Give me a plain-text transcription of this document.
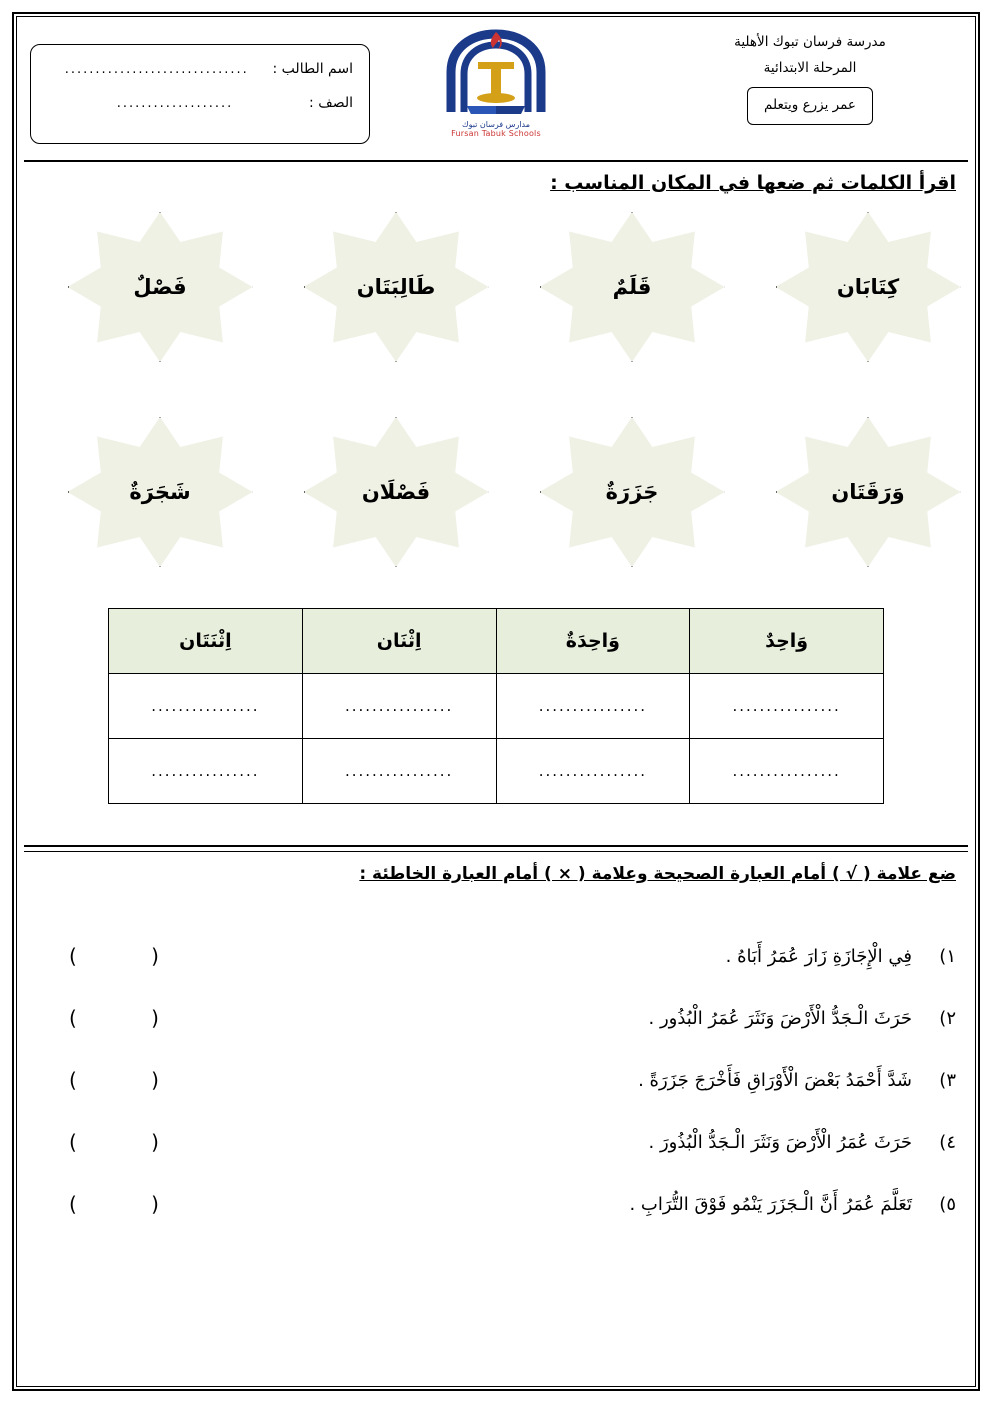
مدرسة فرسان تبوك الأهلية
المرحلة الابتدائية
عمر يزرع ويتعلم
مدارس فرسان تبوك
Fursan Tabuk Schools
اسم الطالب :
..............................
الصف :
...................
اقرأ الكلمات ثم ضعها في المكان المناسب :
كِتَابَان
قَلَمٌ
طَالِبَتَان
فَصْلٌ
وَرَقَتَان
جَزَرَةٌ
فَصْلَان
شَجَرَةٌ
وَاحِدٌ	وَاحِدَةٌ	اِثْنَان	اِثْنَتَان
................	................	................	................
................	................	................	................
ضع علامة ( √ ) أمام العبارة الصحيحة وعلامة ( × ) أمام العبارة الخاطئة :
١)
فِي الْإِجَازَةِ زَارَ عُمَرُ أَبَاهُ .
( )
٢)
حَرَثَ الْـجَدُّ الْأَرْضَ وَنَثَرَ عُمَرُ الْبُذُور .
( )
٣)
شَدَّ أَحْمَدُ بَعْضَ الْأَوْرَاقِ فَأَخْرَجَ جَزَرَةً .
( )
٤)
حَرَثَ عُمَرُ الْأَرْضَ وَنَثَرَ الْـجَدُّ الْبُذُورَ .
( )
٥)
تَعَلَّمَ عُمَرُ أَنَّ الْـجَزَرَ يَنْمُو فَوْقَ التُّرَابِ .
( )
